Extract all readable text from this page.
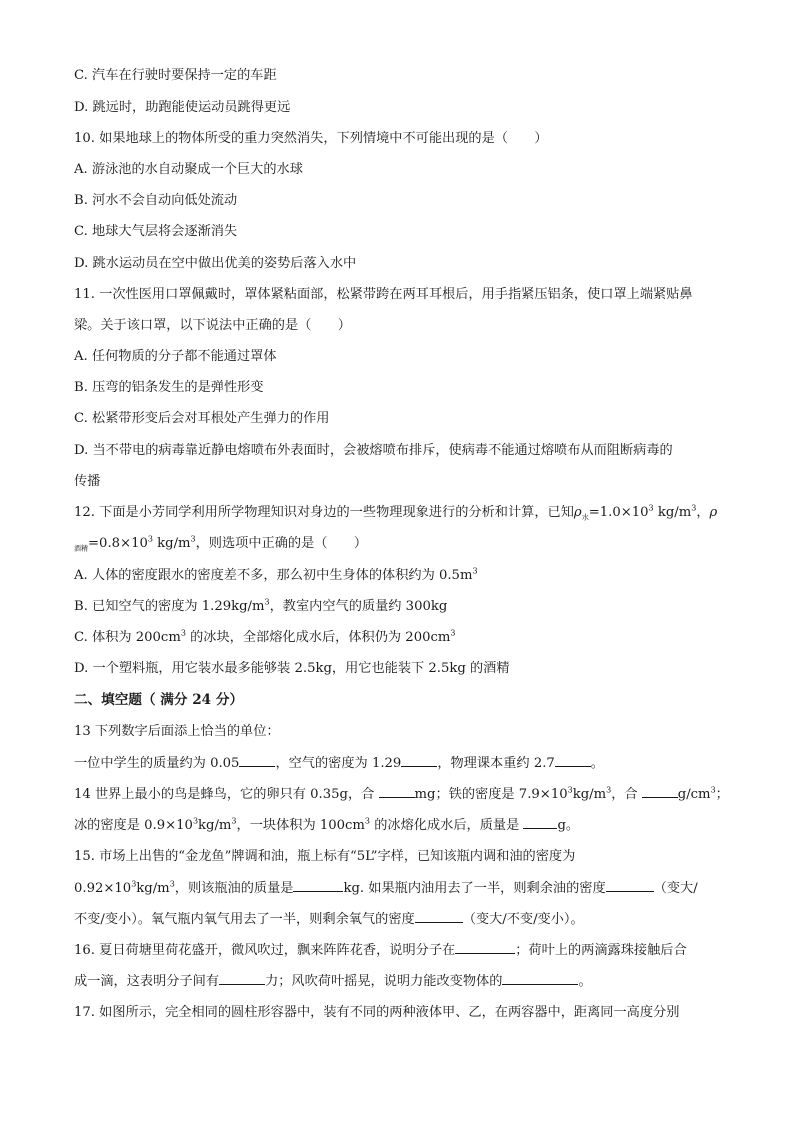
C. 汽车在行驶时要保持一定的车距
D. 跳远时，助跑能使运动员跳得更远
10. 如果地球上的物体所受的重力突然消失，下列情境中不可能出现的是（　　）
A. 游泳池的水自动聚成一个巨大的水球
B. 河水不会自动向低处流动
C. 地球大气层将会逐渐消失
D. 跳水运动员在空中做出优美的姿势后落入水中
11. 一次性医用口罩佩戴时，罩体紧粘面部，松紧带跨在两耳耳根后，用手指紧压铝条，使口罩上端紧贴鼻
梁。关于该口罩，以下说法中正确的是（　　）
A. 任何物质的分子都不能通过罩体
B. 压弯的铝条发生的是弹性形变
C. 松紧带形变后会对耳根处产生弹力的作用
D. 当不带电的病毒靠近静电熔喷布外表面时，会被熔喷布排斥，使病毒不能通过熔喷布从而阻断病毒的
传播
12. 下面是小芳同学利用所学物理知识对身边的一些物理现象进行的分析和计算，已知$\rho_水=1.0\times 10^3$ $kg/m^3$，ρ
$_{酒精}=0.8\times 10^3$ $kg/m^3$，则选项中正确的是（　　）
A. 人体的密度跟水的密度差不多，那么初中生身体的体积约为 $0.5m^3$
B. 已知空气的密度为 $1.29kg/m^3$，教室内空气的质量约 300kg
C. 体积为 $200cm^3$ 的冰块，全部熔化成水后，体积仍为 $200cm^3$
D. 一个塑料瓶，用它装水最多能够装 2.5kg，用它也能装下 2.5kg 的酒精
二、填空题（ 满分 24 分）
13 下列数字后面添上恰当的单位：
一位中学生的质量约为 0.05	，空气的密度为 1.29	，物理课本重约 2.7	。
14 世界上最小的鸟是蜂鸟，它的卵只有 0.35g，合	mg；铁的密度是 $7.9\times 10^3kg/m^3$，合	$g/cm^3$；
冰的密度是 $0.9\times 10^3kg/m^3$，一块体积为 $100cm^3$ 的冰熔化成水后，质量是	g。
15. 市场上出售的“金龙鱼”牌调和油，瓶上标有“5L”字样，已知该瓶内调和油的密度为
$0.92\times 10^3kg/m^3$，则该瓶油的质量是	kg. 如果瓶内油用去了一半，则剩余油的密度	（变大/
不变/变小）。氧气瓶内氧气用去了一半，则剩余氧气的密度	（变大/不变/变小）。
16. 夏日荷塘里荷花盛开，微风吹过，飘来阵阵花香，说明分子在	；荷叶上的两滴露珠接触后合
成一滴，这表明分子间有	力；风吹荷叶摇晃，说明力能改变物体的	。
17. 如图所示，完全相同的圆柱形容器中，装有不同的两种液体甲、乙，在两容器中，距离同一高度分别
